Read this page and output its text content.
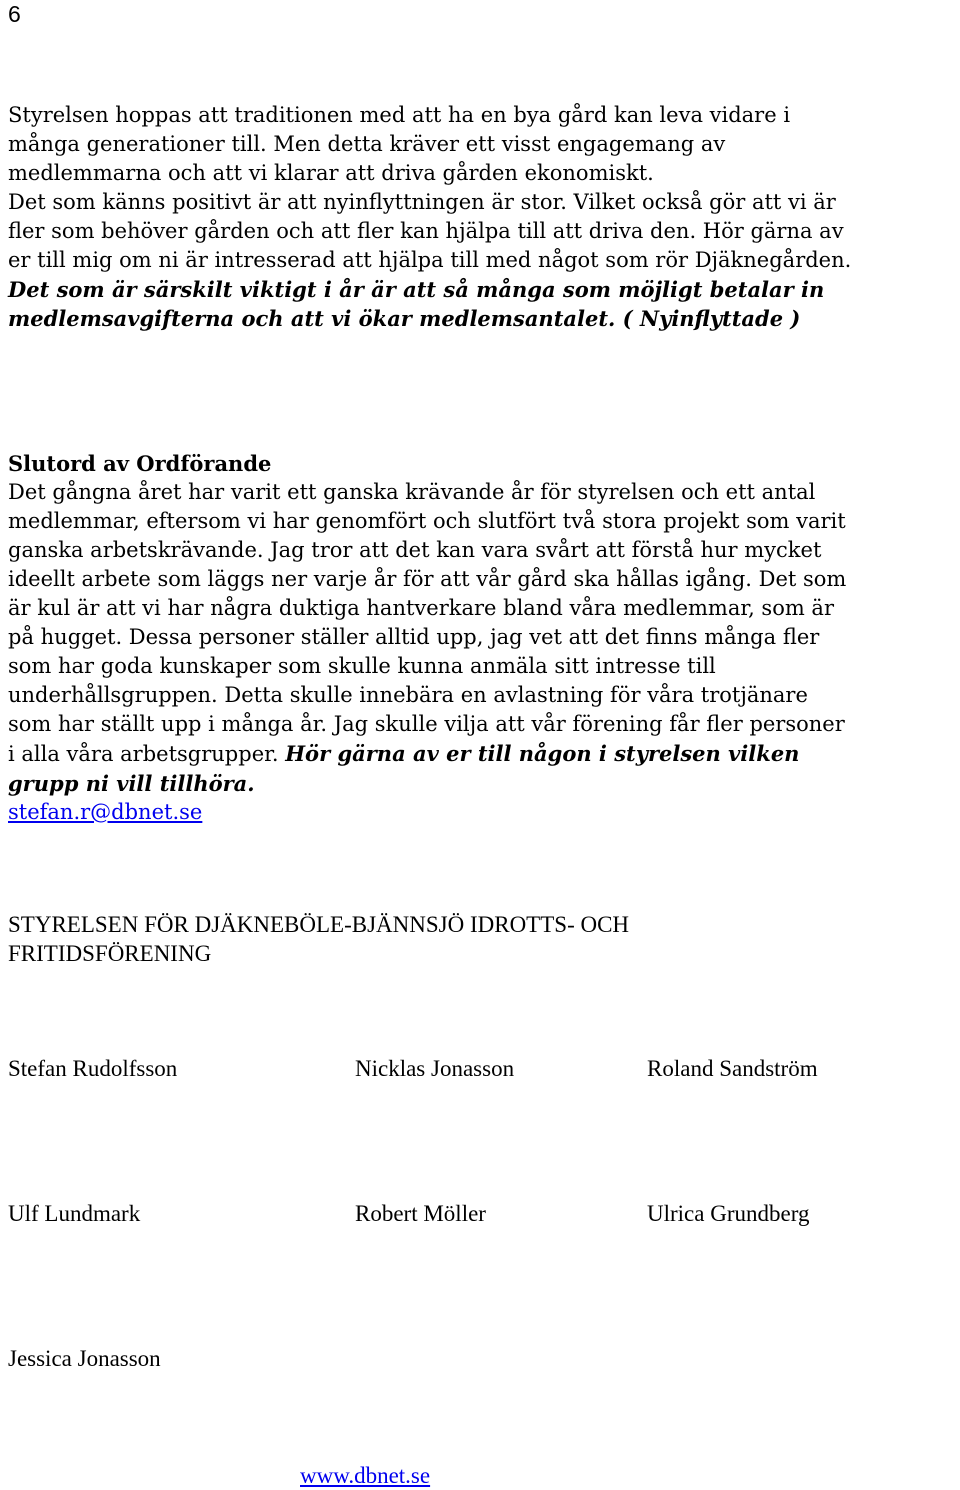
6
Styrelsen hoppas att traditionen med att ha en bya gård kan leva vidare i
många generationer till. Men detta kräver ett visst engagemang av
medlemmarna och att vi klarar att driva gården ekonomiskt.
Det som känns positivt är att nyinflyttningen är stor. Vilket också gör att vi är
fler som behöver gården och att fler kan hjälpa till att driva den. Hör gärna av
er till mig om ni är intresserad att hjälpa till med något som rör Djäknegården.
Det som är särskilt viktigt i år är att så många som möjligt betalar in
medlemsavgifterna och att vi ökar medlemsantalet. ( Nyinflyttade )
Slutord av Ordförande
Det gångna året har varit ett ganska krävande år för styrelsen och ett antal
medlemmar, eftersom vi har genomfört och slutfört två stora projekt som varit
ganska arbetskrävande. Jag tror att det kan vara svårt att förstå hur mycket
ideellt arbete som läggs ner varje år för att vår gård ska hållas igång. Det som
är kul är att vi har några duktiga hantverkare bland våra medlemmar, som är
på hugget. Dessa personer ställer alltid upp, jag vet att det finns många fler
som har goda kunskaper som skulle kunna anmäla sitt intresse till
underhållsgruppen. Detta skulle innebära en avlastning för våra trotjänare
som har ställt upp i många år. Jag skulle vilja att vår förening får fler personer
i alla våra arbetsgrupper. Hör gärna av er till någon i styrelsen vilken
grupp ni vill tillhöra.
stefan.r@dbnet.se
STYRELSEN FÖR DJÄKNEBÖLE-BJÄNNSJÖ IDROTTS- OCH
FRITIDSFÖRENING
Stefan Rudolfsson	Nicklas Jonasson	Roland Sandström
Ulf Lundmark	Robert Möller	Ulrica Grundberg
Jessica Jonasson
www.dbnet.se
